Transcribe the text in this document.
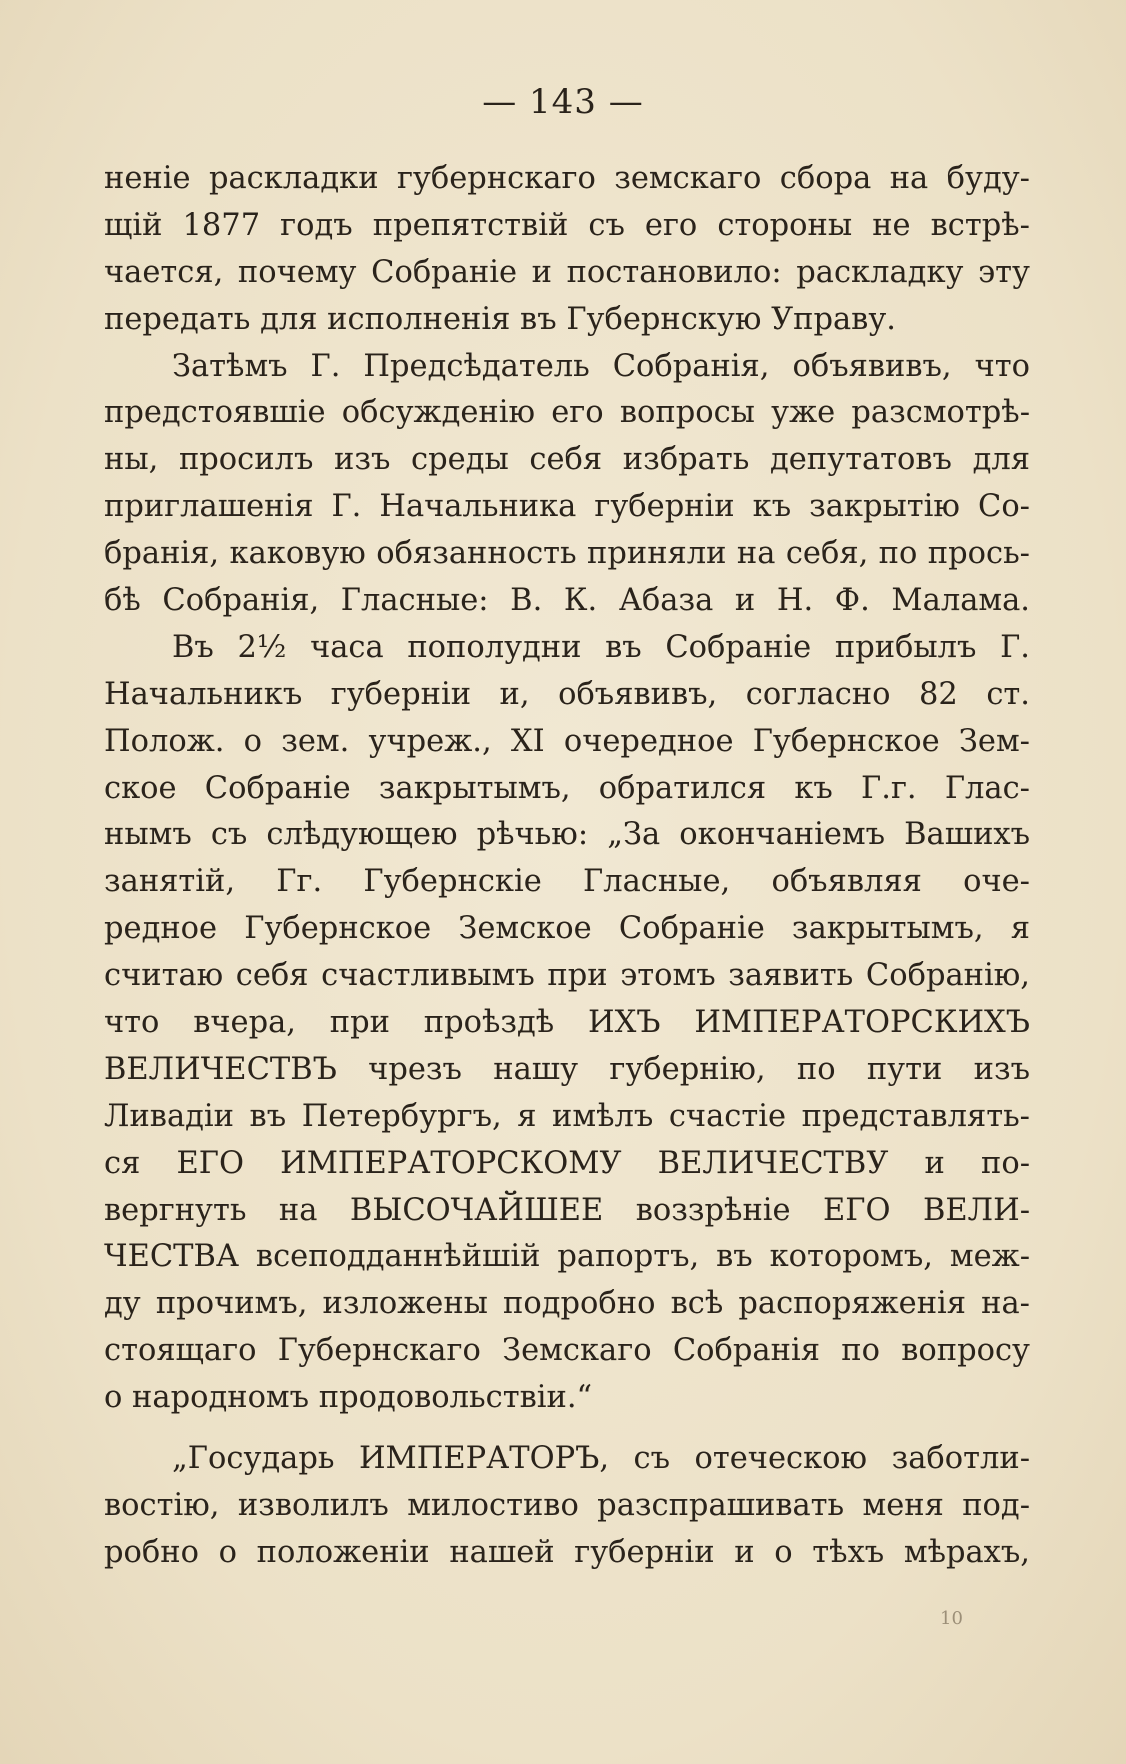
— 143 —
неніе раскладки губернскаго земскаго сбора на буду-
щій 1877 годъ препятствій съ его стороны не встрѣ-
чается, почему Собраніе и постановило: раскладку эту
передать для исполненія въ Губернскую Управу.
Затѣмъ Г. Предсѣдатель Собранія, объявивъ, что
предстоявшіе обсужденію его вопросы уже разсмотрѣ-
ны, просилъ изъ среды себя избрать депутатовъ для
приглашенія Г. Начальника губерніи къ закрытію Со-
бранія, каковую обязанность приняли на себя, по прось-
бѣ Собранія, Гласные: В. К. Абаза и Н. Ф. Малама.
Въ 2½ часа пополудни въ Собраніе прибылъ Г.
Начальникъ губерніи и, объявивъ, согласно 82 ст.
Полож. о зем. учреж., XI очередное Губернское Зем-
ское Собраніе закрытымъ, обратился къ Г.г. Глас-
нымъ съ слѣдующею рѣчью: „За окончаніемъ Вашихъ
занятій, Гг. Губернскіе Гласные, объявляя оче-
редное Губернское Земское Собраніе закрытымъ, я
считаю себя счастливымъ при этомъ заявить Собранію,
что вчера, при проѣздѣ ИХЪ ИМПЕРАТОРСКИХЪ
ВЕЛИЧЕСТВЪ чрезъ нашу губернію, по пути изъ
Ливадіи въ Петербургъ, я имѣлъ счастіе представлять-
ся ЕГО ИМПЕРАТОРСКОМУ ВЕЛИЧЕСТВУ и по-
вергнуть на ВЫСОЧАЙШЕЕ воззрѣніе ЕГО ВЕЛИ-
ЧЕСТВА всеподданнѣйшій рапортъ, въ которомъ, меж-
ду прочимъ, изложены подробно всѣ распоряженія на-
стоящаго Губернскаго Земскаго Собранія по вопросу
о народномъ продовольствіи.“
„Государь ИМПЕРАТОРЪ, съ отеческою заботли-
востію, изволилъ милостиво разспрашивать меня под-
робно о положеніи нашей губерніи и о тѣхъ мѣрахъ,
10
